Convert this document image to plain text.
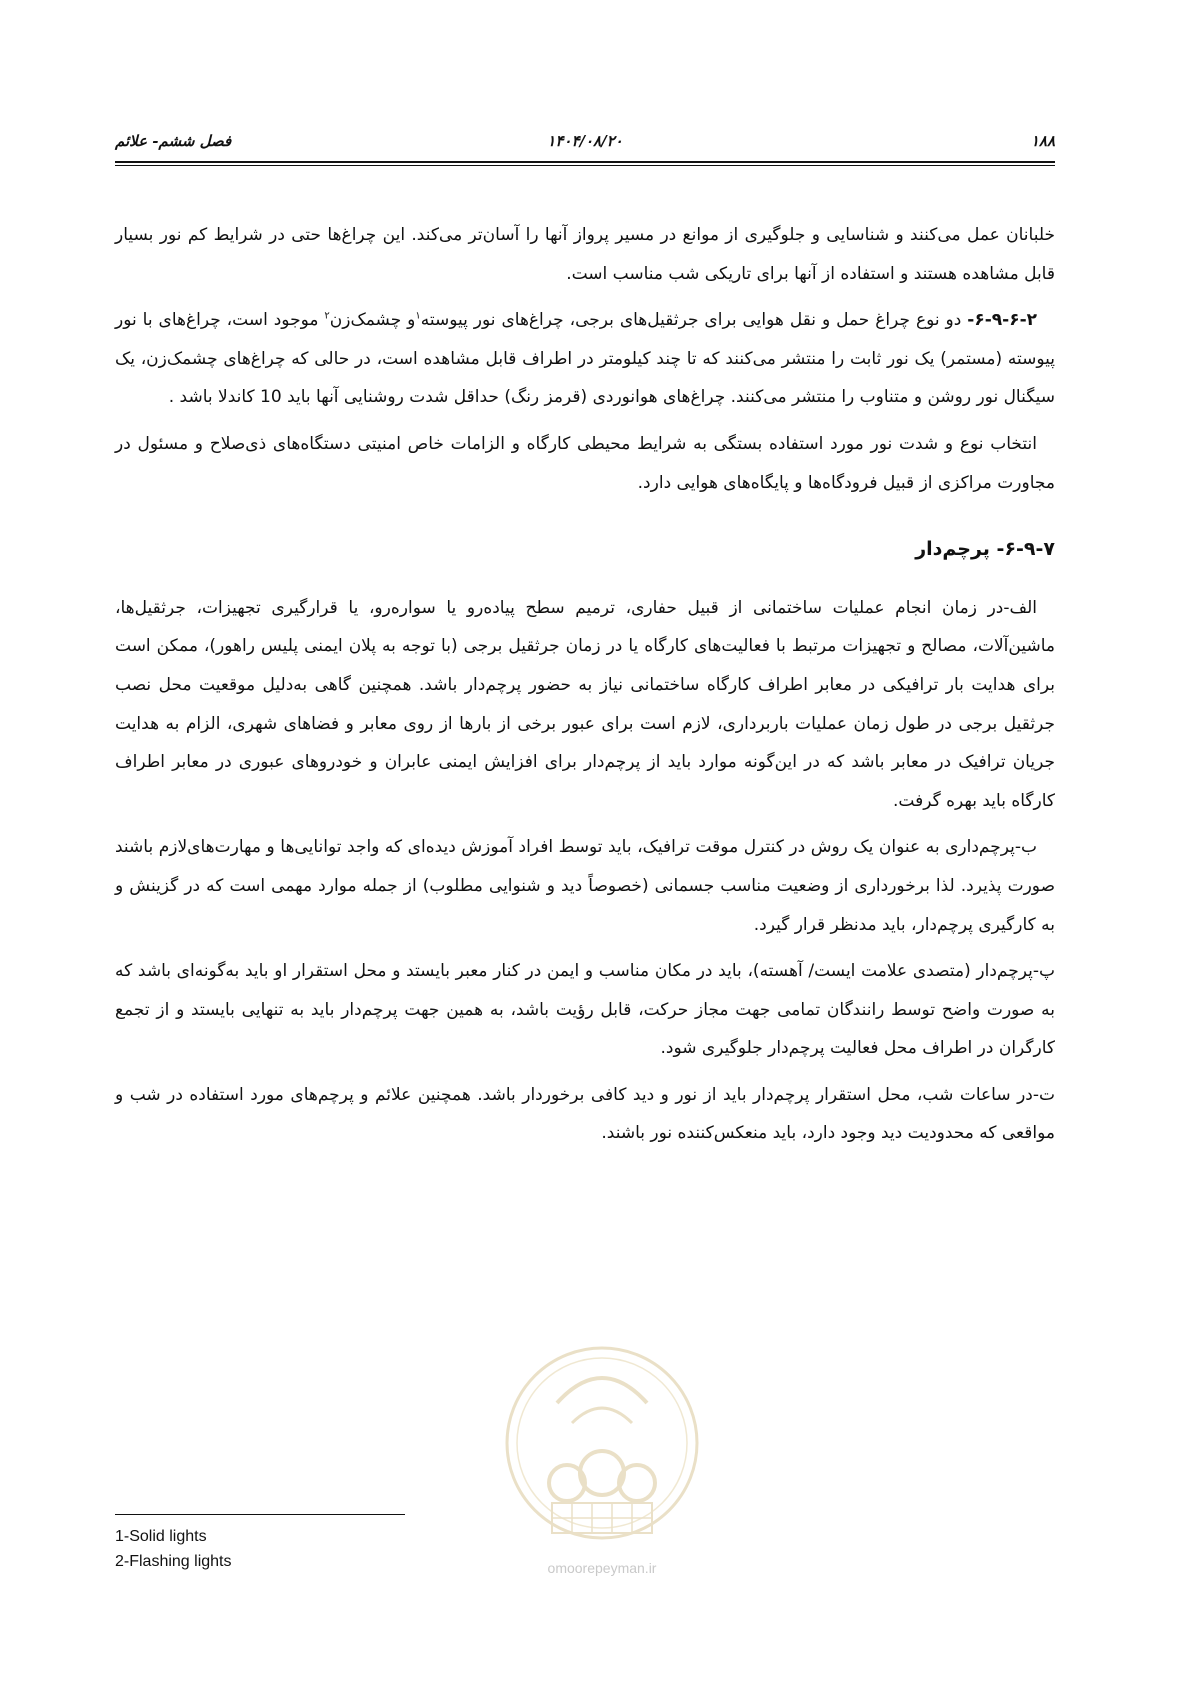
۱۸۸
۱۴۰۴/۰۸/۲۰
فصل ششم- علائم

خلبانان عمل می‌کنند و شناسایی و جلوگیری از موانع در مسیر پرواز آنها را آسان‌تر می‌کند. این چراغ‌ها حتی در شرایط کم نور بسیار قابل مشاهده هستند و استفاده از آنها برای تاریکی شب مناسب است.

۶-۹-۶-۲- دو نوع چراغ حمل و نقل هوایی برای جرثقیل‌های برجی، چراغ‌های نور پیوسته$^۱$و چشمک‌زن$^۲$ موجود است، چراغ‌های با نور پیوسته (مستمر) یک نور ثابت را منتشر می‌کنند که تا چند کیلومتر در اطراف قابل مشاهده است، در حالی که چراغ‌های چشمک‌زن، یک سیگنال نور روشن و متناوب را منتشر می‌کنند. چراغ‌های هوانوردی (قرمز رنگ) حداقل شدت روشنایی آنها باید 10 کاندلا باشد .

انتخاب نوع و شدت نور مورد استفاده بستگی به شرایط محیطی کارگاه و الزامات خاص امنیتی دستگاه‌های ذی‌صلاح و مسئول در مجاورت مراکزی از قبیل فرودگاه‌ها و پایگاه‌های هوایی دارد.

۶-۹-۷- پرچم‌دار

الف-در زمان انجام عملیات ساختمانی از قبیل حفاری، ترمیم سطح پیاده‌رو یا سواره‌رو، یا قرارگیری تجهیزات، جرثقیل‌ها، ماشین‌آلات، مصالح و تجهیزات مرتبط با فعالیت‌های کارگاه یا در زمان جرثقیل برجی (با توجه به پلان ایمنی پلیس راهور)، ممکن است برای هدایت بار ترافیکی در معابر اطراف کارگاه ساختمانی نیاز به حضور پرچم‌دار باشد. همچنین گاهی به‌دلیل موقعیت محل نصب جرثقیل برجی در طول زمان عملیات باربرداری، لازم است برای عبور برخی از بارها از روی معابر و فضاهای شهری، الزام به هدایت جریان ترافیک در معابر باشد که در این‌گونه موارد باید از پرچم‌دار برای افزایش ایمنی عابران و خودروهای عبوری در معابر اطراف کارگاه باید بهره گرفت.

ب-پرچم‌داری به عنوان یک روش در کنترل موقت ترافیک، باید توسط افراد آموزش دیده‌ای که واجد توانایی‌ها و مهارت‌های‌لازم باشند صورت پذیرد. لذا برخورداری از وضعیت مناسب جسمانی (خصوصاً دید و شنوایی مطلوب) از جمله موارد مهمی است که در گزینش و به کارگیری پرچم‌دار، باید مدنظر قرار گیرد.

پ-پرچم‌دار (متصدی علامت ایست/ آهسته)، باید در مکان مناسب و ایمن در کنار معبر بایستد و محل استقرار او باید به‌گونه‌ای باشد که به صورت واضح توسط رانندگان تمامی جهت مجاز حرکت، قابل رؤیت باشد، به همین جهت پرچم‌دار باید به تنهایی بایستد و از تجمع کارگران در اطراف محل فعالیت پرچم‌دار جلوگیری شود.

ت-در ساعات شب، محل استقرار پرچم‌دار باید از نور و دید کافی برخوردار باشد. همچنین علائم و پرچم‌های مورد استفاده در شب و مواقعی که محدودیت دید وجود دارد، باید منعکس‌کننده نور باشند.

omoorepeyman.ir
1-Solid lights
2-Flashing lights
